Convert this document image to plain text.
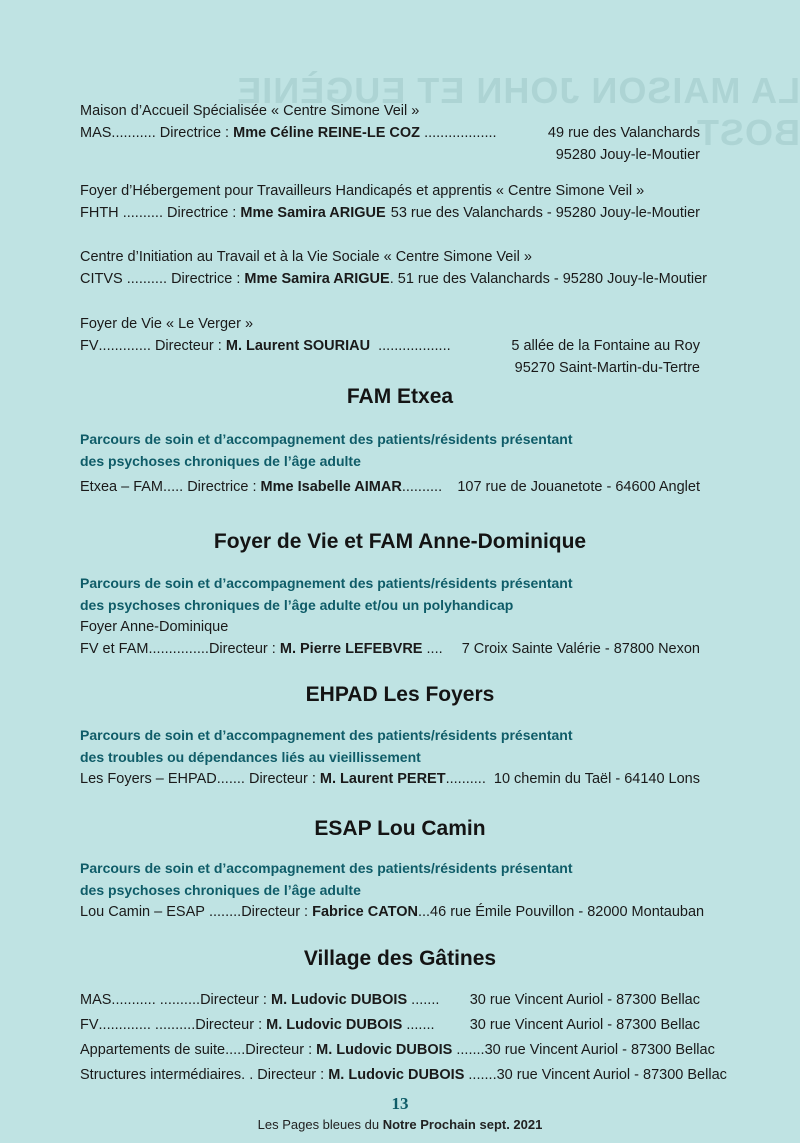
LA MAISON JOHN ET EUGÈNIE BOST
Maison d’Accueil Spécialisée « Centre Simone Veil »
MAS ...........
Directrice :
Mme Céline REINE-LE COZ
..................	49 rue des Valanchards
95280 Jouy-le-Moutier
Foyer d’Hébergement pour Travailleurs Handicapés et apprentis « Centre Simone Veil »
FHTH
..........
Directrice :
Mme Samira ARIGUE 53 rue des Valanchards - 95280 Jouy-le-Moutier
Centre d’Initiation au Travail et à la Vie Sociale « Centre Simone Veil »
CITVS
..........
Directrice :
Mme Samira ARIGUE . 51 rue des Valanchards - 95280 Jouy-le-Moutier
Foyer de Vie « Le Verger »
FV .............
Directeur :
M. Laurent SOURIAU
..................	5 allée de la Fontaine au Roy
95270 Saint-Martin-du-Tertre
FAM Etxea
Parcours de soin et d’accompagnement des patients/résidents présentant
des psychoses chroniques de l’âge adulte
Etxea – FAM .....
Directrice :
Mme Isabelle AIMAR .......... 107 rue de Jouanetote - 64600 Anglet
Foyer de Vie et FAM Anne-Dominique
Parcours de soin et d’accompagnement des patients/résidents présentant
des psychoses chroniques de l’âge adulte et/ou un polyhandicap
Foyer Anne-Dominique
FV et FAM ............... Directeur :
M. Pierre LEFEBVRE
.... 7 Croix Sainte Valérie - 87800 Nexon
EHPAD Les Foyers
Parcours de soin et d’accompagnement des patients/résidents présentant
des troubles ou dépendances liés au vieillissement
Les Foyers – EHPAD .......
Directeur :
M. Laurent PERET .......... 10 chemin du Taël - 64140 Lons
ESAP Lou Camin
Parcours de soin et d’accompagnement des patients/résidents présentant
des psychoses chroniques de l’âge adulte
Lou Camin – ESAP
........ Directeur :
Fabrice CATON ... 46 rue Émile Pouvillon - 82000 Montauban
Village des Gâtines
MAS ........... .......... Directeur :
M. Ludovic DUBOIS
....... 30 rue Vincent Auriol - 87300 Bellac
FV ............. .......... Directeur :
M. Ludovic DUBOIS
....... 30 rue Vincent Auriol - 87300 Bellac
Appartements de suite ..... Directeur :
M. Ludovic DUBOIS
....... 30 rue Vincent Auriol - 87300 Bellac
Structures intermédiaires . .
Directeur :
M. Ludovic DUBOIS
....... 30 rue Vincent Auriol - 87300 Bellac
13
Les Pages bleues du Notre Prochain sept. 2021
